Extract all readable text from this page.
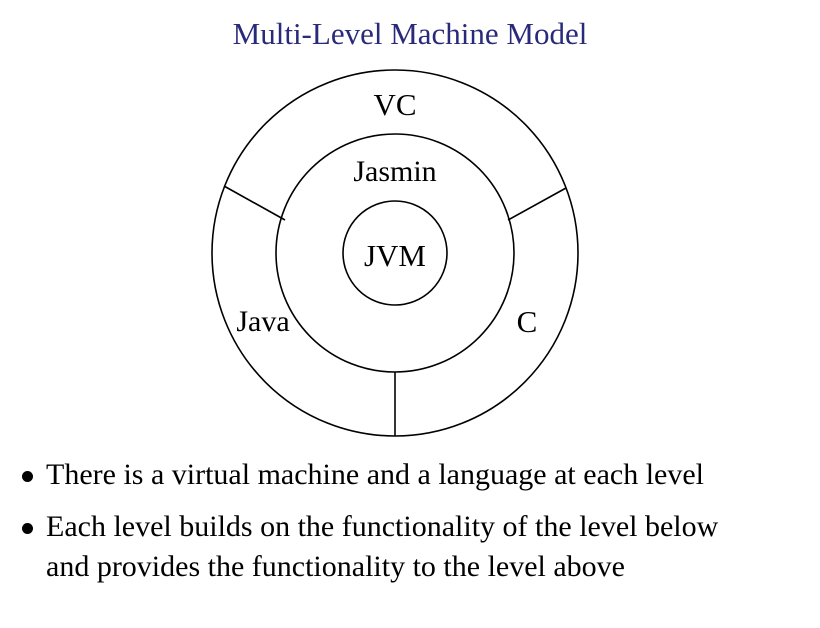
Multi-Level Machine Model
VC
Jasmin
JVM
Java	C
There is a virtual machine and a language at each level
Each level builds on the functionality of the level below
and provides the functionality to the level above
